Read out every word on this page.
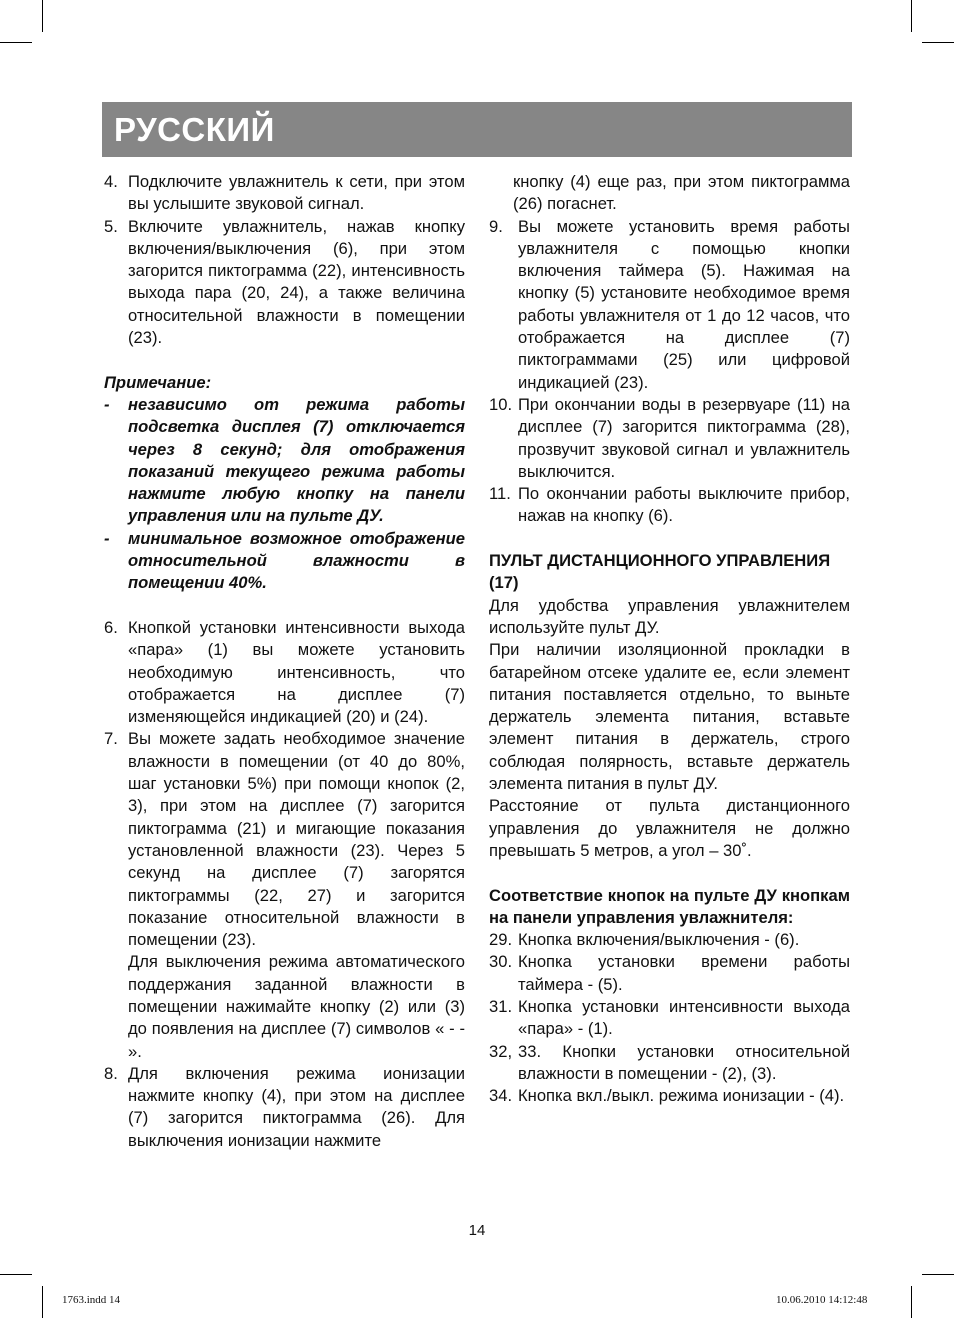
РУССКИЙ
4. Подключите увлажнитель к сети, при этом вы услышите звуковой сигнал.
5. Включите увлажнитель, нажав кнопку включения/выключения (6), при этом загорится пиктограмма (22), интенсивность выхода пара (20, 24), а также величина относительной влажности в помещении (23).
Примечание:
- независимо от режима работы подсветка дисплея (7) отключается через 8 секунд; для отображения показаний текущего режима работы нажмите любую кнопку на панели управления или на пульте ДУ.
- минимальное возможное отображение относительной влажности в помещении 40%.
6. Кнопкой установки интенсивности выхода «пара» (1) вы можете установить необходимую интенсивность, что отображается на дисплее (7) изменяющейся индикацией (20) и (24).
7. Вы можете задать необходимое значение влажности в помещении (от 40 до 80%, шаг установки 5%) при помощи кнопок (2, 3), при этом на дисплее (7) загорится пиктограмма (21) и мигающие показания установленной влажности (23). Через 5 секунд на дисплее (7) загорятся пиктограммы (22, 27) и загорится показание относительной влажности в помещении (23).
Для выключения режима автоматического поддержания заданной влажности в помещении нажимайте кнопку (2) или (3) до появления на дисплее (7) символов « - - ».
8. Для включения режима ионизации нажмите кнопку (4), при этом на дисплее (7) загорится пиктограмма (26). Для выключения ионизации нажмите
кнопку (4) еще раз, при этом пиктограмма (26) погаснет.
9. Вы можете установить время работы увлажнителя с помощью кнопки включения таймера (5). Нажимая на кнопку (5) установите необходимое время работы увлажнителя от 1 до 12 часов, что отображается на дисплее (7) пиктограммами (25) или цифровой индикацией (23).
10. При окончании воды в резервуаре (11) на дисплее (7) загорится пиктограмма (28), прозвучит звуковой сигнал и увлажнитель выключится.
11. По окончании работы выключите прибор, нажав на кнопку (6).
ПУЛЬТ ДИСТАНЦИОННОГО УПРАВЛЕНИЯ (17)
Для удобства управления увлажнителем используйте пульт ДУ.
При наличии изоляционной прокладки в батарейном отсеке удалите ее, если элемент питания поставляется отдельно, то выньте держатель элемента питания, вставьте элемент питания в держатель, строго соблюдая полярность, вставьте держатель элемента питания в пульт ДУ.
Расстояние от пульта дистанционного управления до увлажнителя не должно превышать 5 метров, а угол – 30˚.
Соответствие кнопок на пульте ДУ кнопкам на панели управления увлажнителя:
29. Кнопка включения/выключения - (6).
30. Кнопка установки времени работы таймера - (5).
31. Кнопка установки интенсивности выхода «пара» - (1).
32, 33. Кнопки установки относительной влажности в помещении - (2), (3).
34. Кнопка вкл./выкл. режима ионизации - (4).
14
1763.indd 14	10.06.2010 14:12:48
